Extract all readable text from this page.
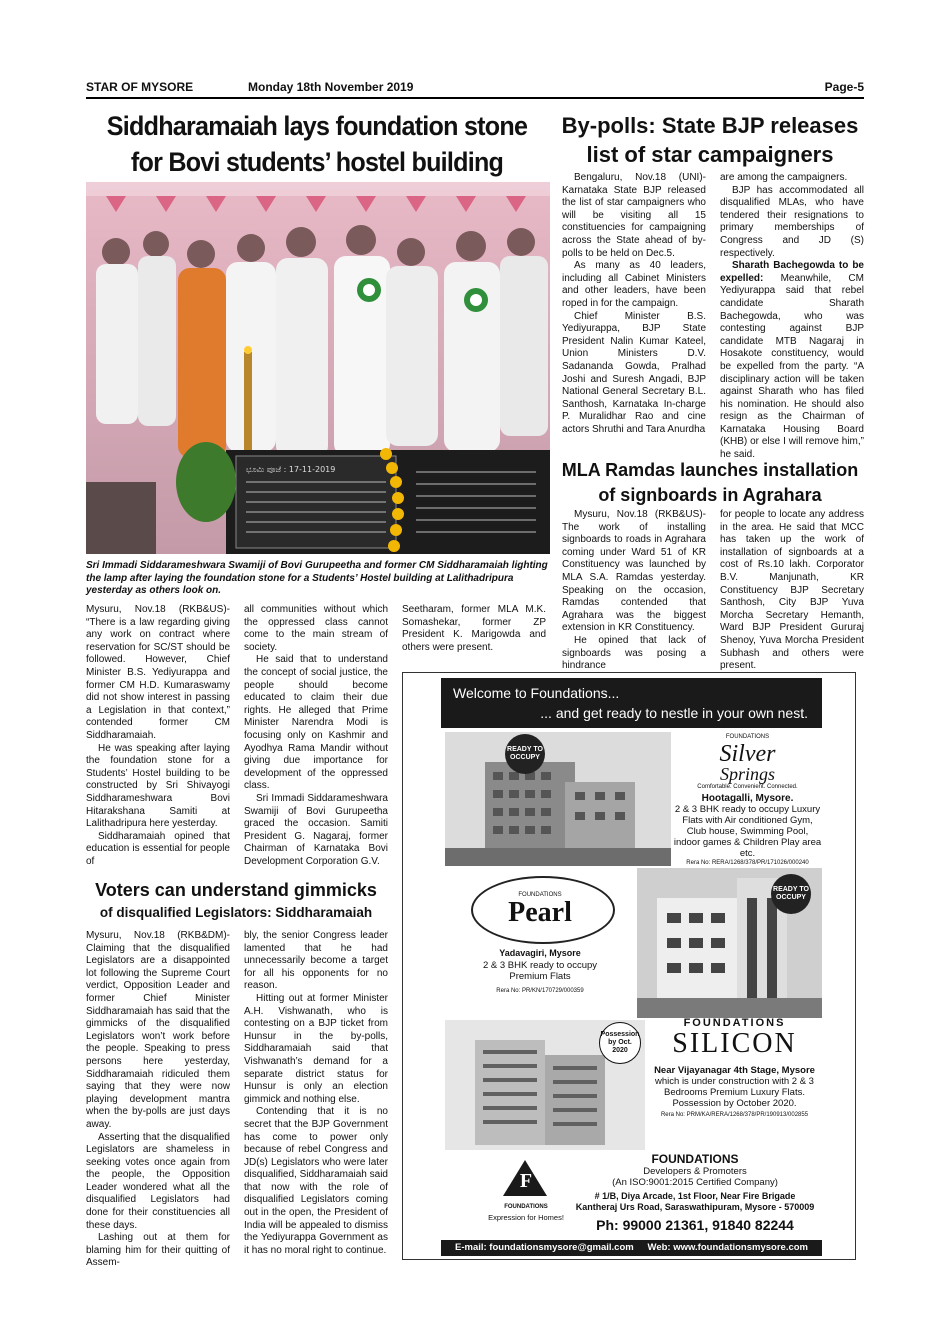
STAR OF MYSORE	Monday 18th November 2019	Page-5
Siddharamaiah lays foundation stone
for Bovi students’ hostel building
ಭೂಮಿ ಪೂಜೆ : 17-11-2019
Sri Immadi Siddarameshwara Swamiji of Bovi Gurupeetha and former CM Siddharamaiah lighting the lamp after laying the foundation stone for a Students’ Hostel building at Lalithadripura yesterday as others look on.

Mysuru, Nov.18 (RKB&US)- “There is a law regarding giving any work on contract where reservation for SC/ST should be followed. However, Chief Minister B.S. Yediyurappa and former CM H.D. Kumaraswamy did not show interest in passing a Legislation in that context,” contended former CM Siddharamaiah.

He was speaking after laying the foundation stone for a Students’ Hostel building to be constructed by Sri Shivayogi Siddharameshwara Bovi Hitarakshana Samiti at Lalithadripura here yesterday.

Siddharamaiah opined that education is essential for people of

all communities without which the oppressed class cannot come to the main stream of society.

He said that to understand the concept of social justice, the people should become educated to claim their due rights. He alleged that Prime Minister Narendra Modi is focusing only on Kashmir and Ayodhya Rama Mandir without giving due importance for development of the oppressed class.

Sri Immadi Siddarameshwara Swamiji of Bovi Gurupeetha graced the occasion. Samiti President G. Nagaraj, former Chairman of Karnataka Bovi Development Corporation G.V.

Seetharam, former MLA M.K. Somashekar, former ZP President K. Marigowda and others were present.

By-polls: State BJP releases
list of star campaigners

Bengaluru, Nov.18 (UNI)- Karnataka State BJP released the list of star campaigners who will be visiting all 15 constituencies for campaigning across the State ahead of by-polls to be held on Dec.5.

As many as 40 leaders, including all Cabinet Ministers and other leaders, have been roped in for the campaign.

Chief Minister B.S. Yediyurappa, BJP State President Nalin Kumar Kateel, Union Ministers D.V. Sadananda Gowda, Pralhad Joshi and Suresh Angadi, BJP National General Secretary B.L. Santhosh, Karnataka In-charge P. Muralidhar Rao and cine actors Shruthi and Tara Anurdha

are among the campaigners.

BJP has accommodated all disqualified MLAs, who have tendered their resignations to primary memberships of Congress and JD (S) respectively.

Sharath Bachegowda to be expelled: Meanwhile, CM Yediyurappa said that rebel candidate Sharath Bachegowda, who was contesting against BJP candidate MTB Nagaraj in Hosakote constituency, would be expelled from the party. “A disciplinary action will be taken against Sharath who has filed his nomination. He should also resign as the Chairman of Karnataka Housing Board (KHB) or else I will remove him,” he said.

MLA Ramdas launches installation
of signboards in Agrahara

Mysuru, Nov.18 (RKB&US)- The work of installing signboards to roads in Agrahara coming under Ward 51 of KR Constituency was launched by MLA S.A. Ramdas yesterday. Speaking on the occasion, Ramdas contended that Agrahara was the biggest extension in KR Constituency.

He opined that lack of signboards was posing a hindrance

for people to locate any address in the area. He said that MCC has taken up the work of installation of signboards at a cost of Rs.10 lakh. Corporator B.V. Manjunath, KR Constituency BJP Secretary Santhosh, City BJP Yuva Morcha Secretary Hemanth, Ward BJP President Gururaj Shenoy, Yuva Morcha President Subhash and others were present.

Voters can understand gimmicks
of disqualified Legislators: Siddharamaiah

Mysuru, Nov.18 (RKB&DM)- Claiming that the disqualified Legislators are a disappointed lot following the Supreme Court verdict, Opposition Leader and former Chief Minister Siddharamaiah has said that the gimmicks of the disqualified Legislators won’t work before the people. Speaking to press persons here yesterday, Siddharamaiah ridiculed them saying that they were now playing development mantra when the by-polls are just days away.

Asserting that the disqualified Legislators are shameless in seeking votes once again from the people, the Opposition Leader wondered what all the disqualified Legislators had done for their constituencies all these days.

Lashing out at them for blaming him for their quitting of Assem-

bly, the senior Congress leader lamented that he had unnecessarily become a target for all his opponents for no reason.

Hitting out at former Minister A.H. Vishwanath, who is contesting on a BJP ticket from Hunsur in the by-polls, Siddharamaiah said that Vishwanath’s demand for a separate district status for Hunsur is only an election gimmick and nothing else.

Contending that it is no secret that the BJP Government has come to power only because of rebel Congress and JD(s) Legislators who were later disqualified, Siddharamaiah said that now with the role of disqualified Legislators coming out in the open, the President of India will be appealed to dismiss the Yediyurappa Government as it has no moral right to continue.

Welcome to Foundations...
... and get ready to nestle in your own nest.
READY TO OCCUPY
FOUNDATIONS
Silver
Springs
Comfortable. Convenient. Connected.
Hootagalli, Mysore.
2 & 3 BHK ready to occupy Luxury Flats with Air conditioned Gym, Club house, Swimming Pool, indoor games & Children Play area etc.
Rera No: RERA/1268/378/PR/171026/000240
FOUNDATIONS
Pearl
Yadavagiri, Mysore
2 & 3 BHK ready to occupy Premium Flats
Rera No: PR/KN/170729/000359
READY TO OCCUPY
Possession by Oct. 2020
FOUNDATIONS
SILICON
Near Vijayanagar 4th Stage, Mysore
which is under construction with 2 & 3 Bedrooms Premium Luxury Flats. Possession by October 2020.
Rera No: PRM/KA/RERA/1268/378/PR/190913/002855
F
FOUNDATIONS
Expression for Homes!
FOUNDATIONS
Developers & Promoters
(An ISO:9001:2015 Certified Company)
# 1/B, Diya Arcade, 1st Floor, Near Fire Brigade
Kantheraj Urs Road, Saraswathipuram, Mysore - 570009
Ph: 99000 21361, 91840 82244
E-mail: foundationsmysore@gmail.com Web: www.foundationsmysore.com
